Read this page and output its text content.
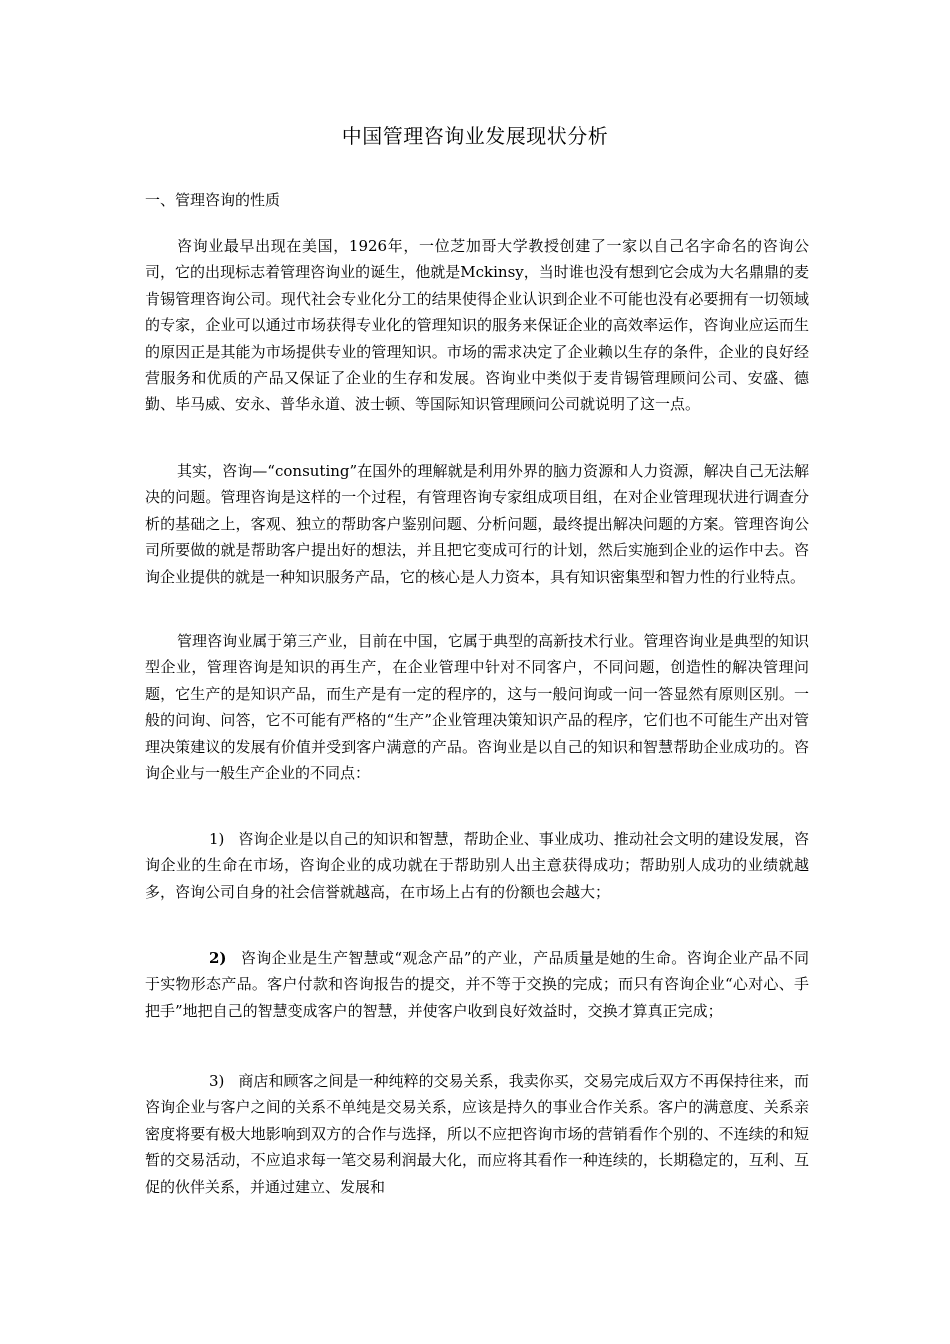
中国管理咨询业发展现状分析
一、管理咨询的性质

咨询业最早出现在美国，1926年，一位芝加哥大学教授创建了一家以自己名字命名的咨询公司，它的出现标志着管理咨询业的诞生，他就是Mckinsy，当时谁也没有想到它会成为大名鼎鼎的麦肯锡管理咨询公司。现代社会专业化分工的结果使得企业认识到企业不可能也没有必要拥有一切领域的专家，企业可以通过市场获得专业化的管理知识的服务来保证企业的高效率运作，咨询业应运而生的原因正是其能为市场提供专业的管理知识。市场的需求决定了企业赖以生存的条件，企业的良好经营服务和优质的产品又保证了企业的生存和发展。咨询业中类似于麦肯锡管理顾问公司、安盛、德勤、毕马威、安永、普华永道、波士顿、等国际知识管理顾问公司就说明了这一点。

其实，咨询—“consuting”在国外的理解就是利用外界的脑力资源和人力资源，解决自己无法解决的问题。管理咨询是这样的一个过程，有管理咨询专家组成项目组，在对企业管理现状进行调查分析的基础之上，客观、独立的帮助客户鉴别问题、分析问题，最终提出解决问题的方案。管理咨询公司所要做的就是帮助客户提出好的想法，并且把它变成可行的计划，然后实施到企业的运作中去。咨询企业提供的就是一种知识服务产品，它的核心是人力资本，具有知识密集型和智力性的行业特点。

管理咨询业属于第三产业，目前在中国，它属于典型的高新技术行业。管理咨询业是典型的知识型企业，管理咨询是知识的再生产，在企业管理中针对不同客户，不同问题，创造性的解决管理问题，它生产的是知识产品，而生产是有一定的程序的，这与一般问询或一问一答显然有原则区别。一般的问询、问答，它不可能有严格的“生产”企业管理决策知识产品的程序，它们也不可能生产出对管理决策建议的发展有价值并受到客户满意的产品。咨询业是以自己的知识和智慧帮助企业成功的。咨询企业与一般生产企业的不同点：

1) 咨询企业是以自己的知识和智慧，帮助企业、事业成功、推动社会文明的建设发展，咨询企业的生命在市场，咨询企业的成功就在于帮助别人出主意获得成功；帮助别人成功的业绩就越多，咨询公司自身的社会信誉就越高，在市场上占有的份额也会越大；

2) 咨询企业是生产智慧或“观念产品”的产业，产品质量是她的生命。咨询企业产品不同于实物形态产品。客户付款和咨询报告的提交，并不等于交换的完成；而只有咨询企业“心对心、手把手”地把自己的智慧变成客户的智慧，并使客户收到良好效益时，交换才算真正完成；

3) 商店和顾客之间是一种纯粹的交易关系，我卖你买，交易完成后双方不再保持往来，而咨询企业与客户之间的关系不单纯是交易关系，应该是持久的事业合作关系。客户的满意度、关系亲密度将要有极大地影响到双方的合作与选择，所以不应把咨询市场的营销看作个别的、不连续的和短暂的交易活动，不应追求每一笔交易利润最大化，而应将其看作一种连续的，长期稳定的，互利、互促的伙伴关系，并通过建立、发展和
